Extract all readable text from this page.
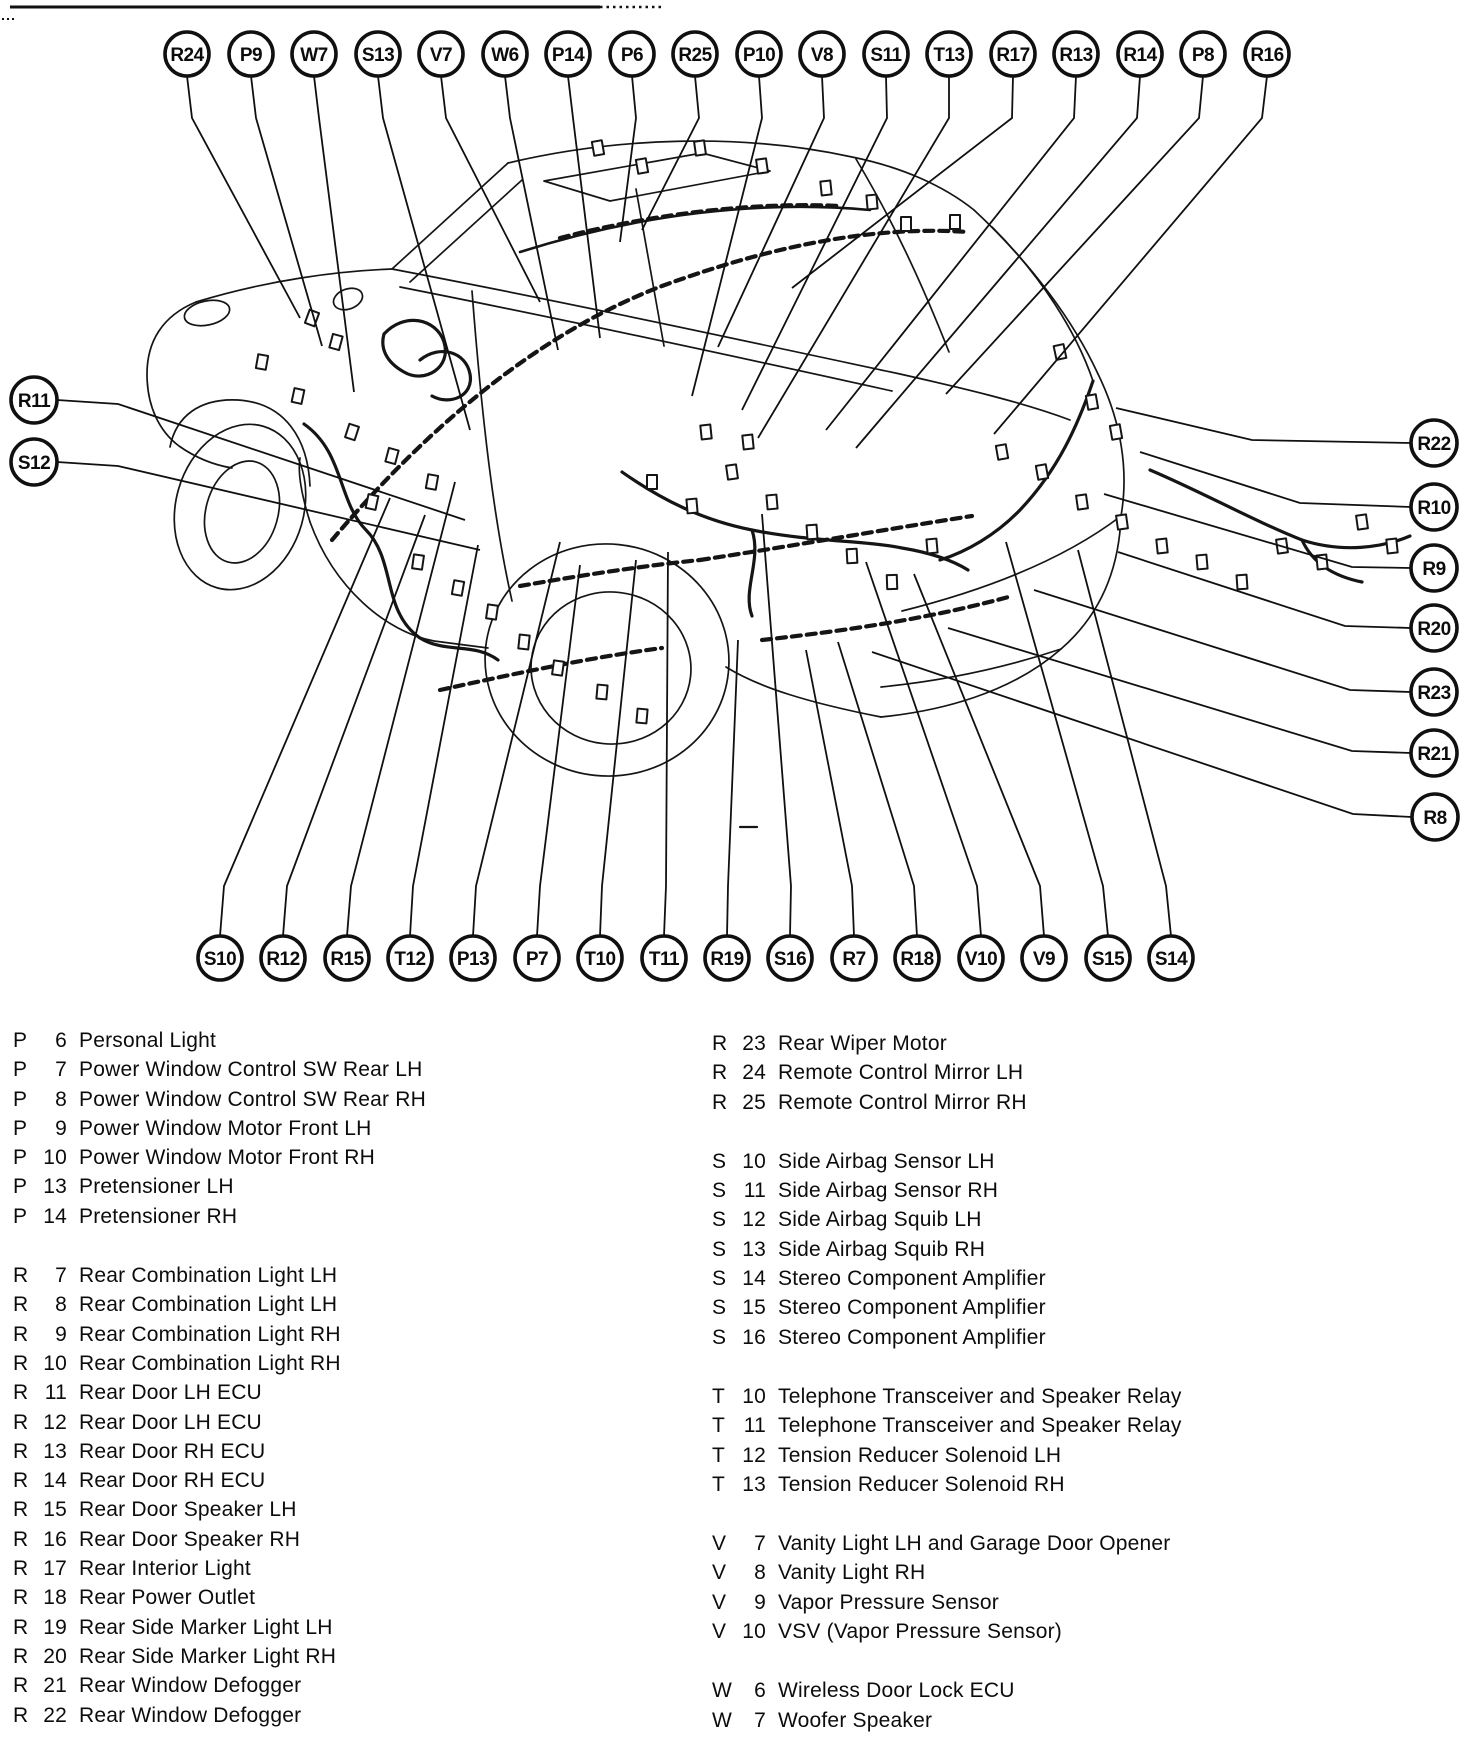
R24 P9 W7 S13 V7 W6 P14 P6 R25 P10 V8 S11 T13 R17 R13 R14 P8 R16
S10 R12 R15 T12 P13 P7 T10 T11 R19 S16 R7 R18 V10 V9 S15 S14
R11
S12
R22
R10
R9
R20
R23
R21
R8
P 6 Personal Light
P 7 Power Window Control SW Rear LH
P 8 Power Window Control SW Rear RH
P 9 Power Window Motor Front LH
P 10 Power Window Motor Front RH
P 13 Pretensioner LH
P 14 Pretensioner RH
R 7 Rear Combination Light LH
R 8 Rear Combination Light LH
R 9 Rear Combination Light RH
R 10 Rear Combination Light RH
R 11 Rear Door LH ECU
R 12 Rear Door LH ECU
R 13 Rear Door RH ECU
R 14 Rear Door RH ECU
R 15 Rear Door Speaker LH
R 16 Rear Door Speaker RH
R 17 Rear Interior Light
R 18 Rear Power Outlet
R 19 Rear Side Marker Light LH
R 20 Rear Side Marker Light RH
R 21 Rear Window Defogger
R 22 Rear Window Defogger
R 23 Rear Wiper Motor
R 24 Remote Control Mirror LH
R 25 Remote Control Mirror RH
S 10 Side Airbag Sensor LH
S 11 Side Airbag Sensor RH
S 12 Side Airbag Squib LH
S 13 Side Airbag Squib RH
S 14 Stereo Component Amplifier
S 15 Stereo Component Amplifier
S 16 Stereo Component Amplifier
T 10 Telephone Transceiver and Speaker Relay
T 11 Telephone Transceiver and Speaker Relay
T 12 Tension Reducer Solenoid LH
T 13 Tension Reducer Solenoid RH
V 7 Vanity Light LH and Garage Door Opener
V 8 Vanity Light RH
V 9 Vapor Pressure Sensor
V 10 VSV (Vapor Pressure Sensor)
W 6 Wireless Door Lock ECU
W 7 Woofer Speaker
